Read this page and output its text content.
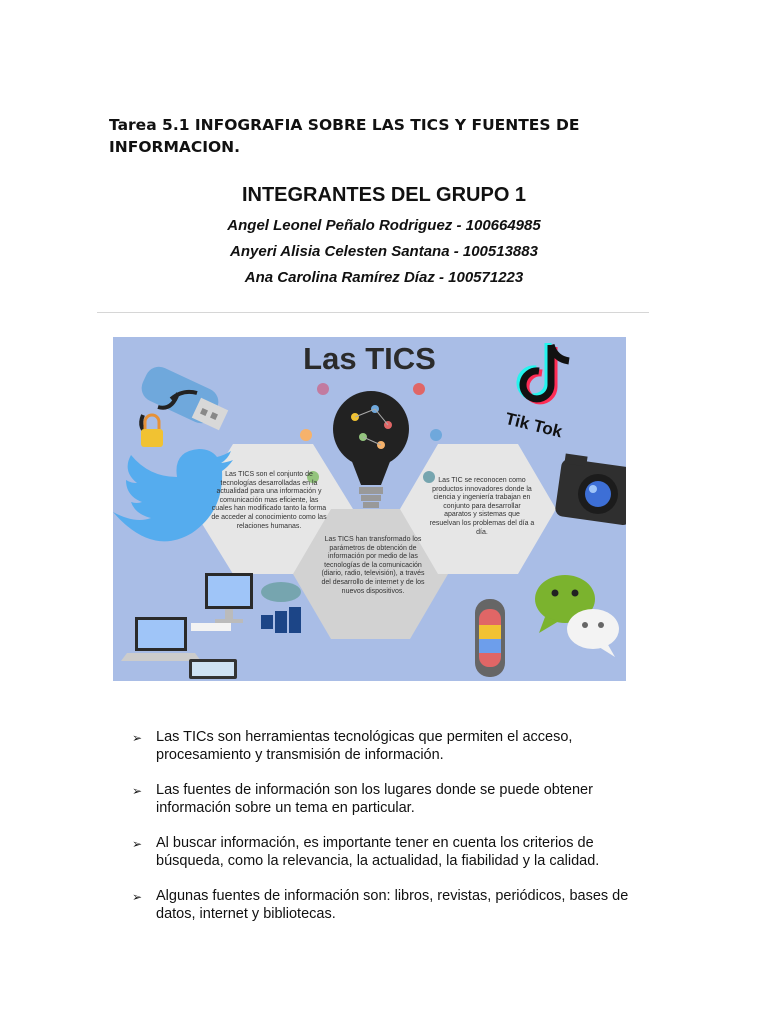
Tarea 5.1 INFOGRAFIA SOBRE LAS TICS Y FUENTES DE INFORMACION.
INTEGRANTES DEL GRUPO 1
Angel Leonel Peñalo Rodriguez - 100664985
Anyeri Alisia Celesten Santana - 100513883
Ana Carolina Ramírez Díaz - 100571223
Las TICS
Tik Tok
Las TICS son el conjunto de tecnologías desarrolladas en la actualidad para una información y comunicación mas eficiente, las cuales han modificado tanto la forma de acceder al conocimiento como las relaciones humanas.
Las TICS han transformado los parámetros de obtención de información por medio de las tecnologías de la comunicación (diario, radio, televisión), a través del desarrollo de internet y de los nuevos dispositivos.
Las TIC se reconocen como productos innovadores donde la ciencia y ingeniería trabajan en conjunto para desarrollar aparatos y sistemas que resuelvan los problemas del día a día.
➢ Las TICs son herramientas tecnológicas que permiten el acceso, procesamiento y transmisión de información.
➢ Las fuentes de información son los lugares donde se puede obtener información sobre un tema en particular.
➢ Al buscar información, es importante tener en cuenta los criterios de búsqueda, como la relevancia, la actualidad, la fiabilidad y la calidad.
➢ Algunas fuentes de información son: libros, revistas, periódicos, bases de datos, internet y bibliotecas.
